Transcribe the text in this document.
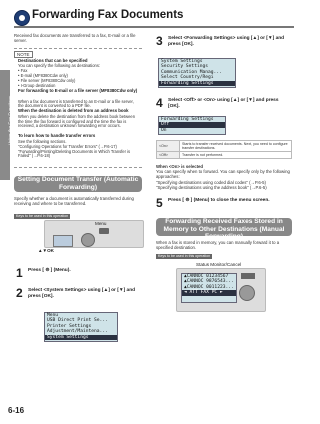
Using the Fax Functions
Forwarding Fax Documents
Received fax documents are transferred to a fax, E-mail or a file server.
NOTE
Destinations that can be specified
You can specify the following as destinations:
• Fax
• E-mail (MF8380Cdw only)
• File server (MF8380Cdw only)
• I-Group destination
For forwarding to E-mail or a file server (MF8380Cdw only)
When a fax document is transferred to an E-mail or a file server, the document is converted to a PDF file.
When the destination is deleted from an address book
When you delete the destination from the address book between the time the fax forward is configured and the time the fax is received, a destination unknown forwarding error occurs.
To learn how to handle transfer errors
See the following sections.
"Configuring Operations for Transfer Errors" (→P.6-17)
"Forwarding/Printing/Deleting Documents in Which Transfer is Failed" (→P.6-18)
Setting Document Transfer (Automatic Forwarding)
Specify whether a document is automatically transferred during receiving and where to be transferred.
Keys to be used in this operation
Menu
▲▼OK
1 Press [ ⊚ ] (Menu).
2 Select <System Settings> using [▲] or [▼] and press [OK].
Menu
USB Direct Print Se...
Printer Settings
Adjustment/Maintena...
System Settings
3 Select <Forwarding Settings> using [▲] or [▼] and press [OK].
4 Select <Off> or <On> using [▲] or [▼] and press [OK].
5 Press [ ⊚ ] (Menu) to close the menu screen.
System Settings
Security Settings
Communication Manag...
Select Country/Regi
Forwarding Settings
Forwarding Settings
Off
On
<On>	Starts to transfer received documents. Next, you need to configure transfer destinations.
<Off>	Transfer is not performed.
When <On> is selected
You can specify when to forward. You can specify only by the following approaches:
"Specifying destinations using coded dial codes" (→P.6-5)
"Specifying destinations using the address book" (→P.6-5)
Forwarding Received Faxes Stored in Memory to Other Destinations (Manual Forwarding)
When a fax is stored in memory, you can manually forward it to a specified destination.
Keys to be used in this operation
Status Monitor/Cancel
▲CANNOC 01234567
▲CANNOC 9876543...
▲CANNOC 0011223...
◄ ATT FAX PC ►
6-16
